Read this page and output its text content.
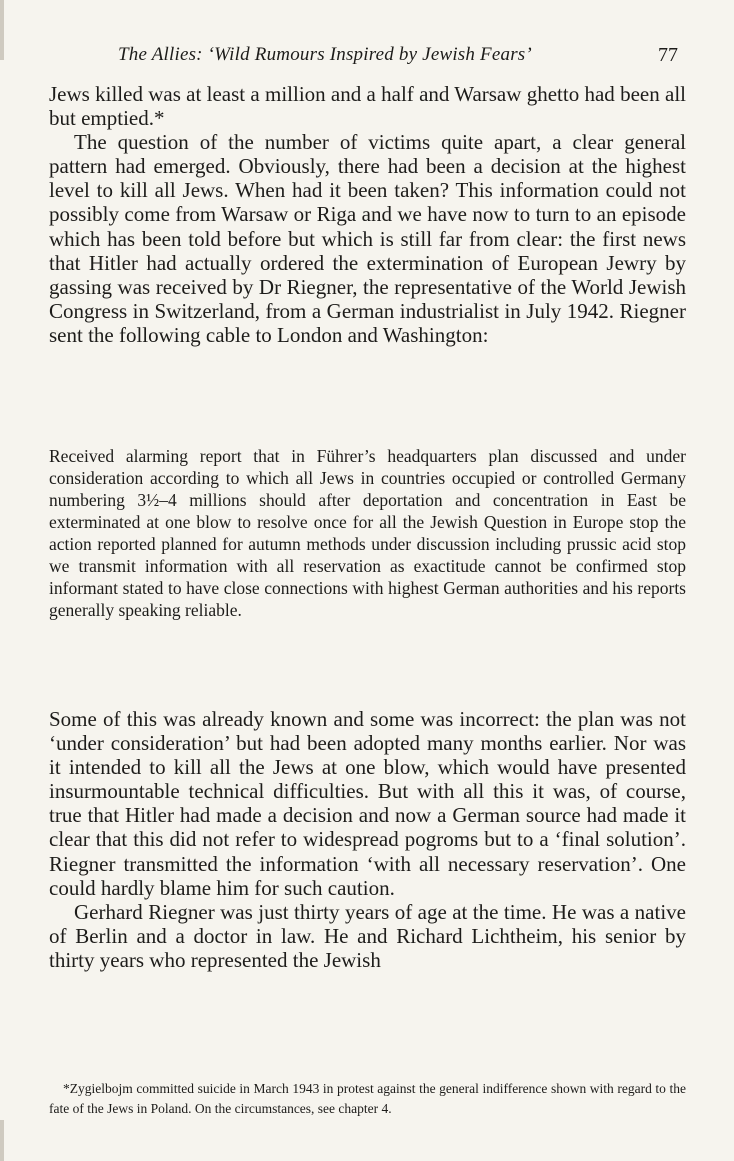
The Allies: ‘Wild Rumours Inspired by Jewish Fears’	77

Jews killed was at least a million and a half and Warsaw ghetto had been all but emptied.*

The question of the number of victims quite apart, a clear general pattern had emerged. Obviously, there had been a decision at the highest level to kill all Jews. When had it been taken? This information could not possibly come from Warsaw or Riga and we have now to turn to an episode which has been told before but which is still far from clear: the first news that Hitler had actually ordered the extermination of European Jewry by gassing was received by Dr Riegner, the representative of the World Jewish Congress in Switzerland, from a German industrialist in July 1942. Riegner sent the following cable to London and Washington:

Received alarming report that in Führer’s headquarters plan discussed and under consideration according to which all Jews in countries occupied or controlled Germany numbering 3½–4 millions should after deportation and concentration in East be exterminated at one blow to resolve once for all the Jewish Question in Europe stop the action reported planned for autumn methods under discussion including prussic acid stop we transmit information with all reservation as exactitude cannot be confirmed stop informant stated to have close connections with highest German authorities and his reports generally speaking reliable.

Some of this was already known and some was incorrect: the plan was not ‘under consideration’ but had been adopted many months earlier. Nor was it intended to kill all the Jews at one blow, which would have presented insurmountable technical difficulties. But with all this it was, of course, true that Hitler had made a decision and now a German source had made it clear that this did not refer to widespread pogroms but to a ‘final solution’. Riegner transmitted the information ‘with all necessary reservation’. One could hardly blame him for such caution.

Gerhard Riegner was just thirty years of age at the time. He was a native of Berlin and a doctor in law. He and Richard Lichtheim, his senior by thirty years who represented the Jewish

*Zygielbojm committed suicide in March 1943 in protest against the general indifference shown with regard to the fate of the Jews in Poland. On the circumstances, see chapter 4.
